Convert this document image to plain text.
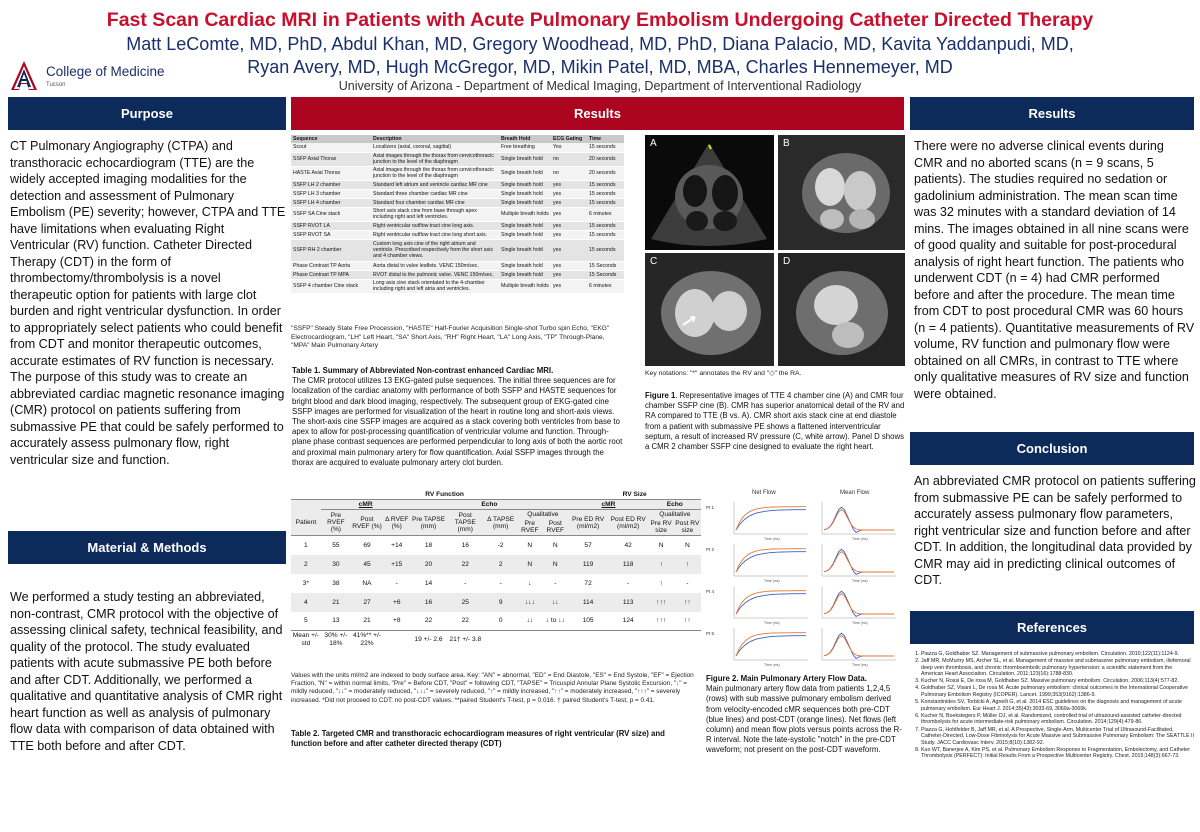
Fast Scan Cardiac MRI in Patients with Acute Pulmonary Embolism Undergoing Catheter Directed Therapy
Matt LeComte, MD, PhD, Abdul Khan, MD, Gregory Woodhead, MD, PhD, Diana Palacio, MD, Kavita Yaddanpudi, MD,
Ryan Avery, MD, Hugh McGregor, MD, Mikin Patel, MD, MBA, Charles Hennemeyer, MD
University of Arizona - Department of Medical Imaging, Department of Interventional Radiology
College of Medicine
Tucson
Purpose
CT Pulmonary Angiography (CTPA) and transthoracic echocardiogram (TTE) are the widely accepted imaging modalities for the detection and assessment of Pulmonary Embolism (PE) severity; however, CTPA and TTE have limitations when evaluating Right Ventricular (RV) function. Catheter Directed Therapy (CDT) in the form of thrombectomy/thrombolysis is a novel therapeutic option for patients with large clot burden and right ventricular dysfunction. In order to appropriately select patients who could benefit from CDT and monitor therapeutic outcomes, accurate estimates of RV function is necessary. The purpose of this study was to create an abbreviated cardiac magnetic resonance imaging (CMR) protocol on patients suffering from submassive PE that could be safely performed to accurately assess pulmonary flow, right ventricular size and function.
Material & Methods
We performed a study testing an abbreviated, non-contrast, CMR protocol with the objective of assessing clinical safety, technical feasibility, and quality of the protocol. The study evaluated patients with acute submassive PE both before and after CDT. Additionally, we performed a qualitative and quantitative analysis of CMR right heart function as well as analysis of pulmonary flow data with comparison of data obtained with TTE both before and after CDT.
Results
Sequence	Description	Breath Hold	ECG Gating	Time
Scout	Localizers (axial, coronal, sagittal)	Free breathing	Yes	15 seconds
SSFP Axial Thorax	Axial images through the thorax from cervicothoracic junction to the level of the diaphragm	Single breath hold	no	20 seconds
HASTE Axial Thorax	Axial images through the thorax from cervicothoracic junction to the level of the diaphragm	Single breath hold	no	20 seconds
SSFP LH 2 chamber	Standard left atrium and ventricle cardiac MR cine	Single breath hold	yes	15 seconds
SSFP LH 3 chamber	Standard three chamber cardiac MR cine	Single breath hold	yes	15 seconds
SSFP LH 4 chamber	Standard four chamber cardiac MR cine	Single breath hold	yes	15 seconds
SSFP SA Cine stack	Short axis stack cine from base through apex including right and left ventricles.	Multiple breath holds	yes	6 minutes
SSFP RVOT LA	Right ventricular outflow tract cine long axis.	Single breath hold	yes	15 seconds
SSFP RVOT SA	Right ventricular outflow tract cine long short axis.	Single breath hold	yes	15 seconds
SSFP RH 2 chamber	Custom long axis cine of the right atrium and ventricle. Prescribed respectively from the short axis and 4 chamber views.	Single breath hold	yes	15 seconds
Phase Contrast TP Aorta	Aorta distal to valve leaflets. VENC 150m/sec.	Single breath hold	yes	15 Seconds
Phase Contrast TP MPA	RVOT distal to the pulmonic valve. VENC 150m/sec.	Single breath hold	yes	15 Seconds
SSFP 4 chamber Cine stack	Long axis cine stack orientated to the 4-chamber including right and left atria and ventricles.	Multiple breath holds	yes	6 minutes
"SSFP" Steady State Free Procession, "HASTE" Half-Fourier Acquisition Single-shot Turbo spin Echo, "EKG" Electrocardiogram, "LH" Left Heart, "SA" Short Axis, "RH" Right Heart, "LA" Long Axis, "TP" Through-Plane, "MPA" Main Pulmonary Artery
Table 1. Summary of Abbreviated Non-contrast enhanced Cardiac MRI.
The CMR protocol utilizes 13 EKG-gated pulse sequences. The initial three sequences are for localization of the cardiac anatomy with performance of both SSFP and HASTE sequences for bright blood and dark blood imaging, respectively. The subsequent group of EKG-gated cine SSFP images are performed for visualization of the heart in routine long and short-axis views. The short-axis cine SSFP images are acquired as a stack covering both ventricles from base to apex to allow for post-processing quantification of ventricular volume and function. Through-plane phase contrast sequences are performed perpendicular to long axis of both the aortic root and proximal main pulmonary artery for flow quantification. Axial SSFP images through the thorax are acquired to evaluate pulmonary artery clot burden.
A	B
C	D
Key notations: "*" annotates the RV and "◇" the RA.
Figure 1. Representative images of TTE 4 chamber cine (A) and CMR four chamber SSFP cine (B). CMR has superior anatomical detail of the RV and RA compared to TTE (B vs. A). CMR short axis stack cine at end diastole from a patient with submassive PE shows a flattened interventricular septum, a result of increased RV pressure (C, white arrow). Panel D shows a CMR 2 chamber SSFP cine designed to evaluate the right heart.
	RV Function								RV Size			
	cMR			Echo					cMR		Echo	
Patient	Pre RVEF (%)	Post RVEF (%)	Δ RVEF (%)	Pre TAPSE (mm)	Post TAPSE (mm)	Δ TAPSE (mm)	Qualitative		Pre ED RV (ml/m2)	Post ED RV (ml/m2)	Qualitative	
							Pre RVEF	Post RVEF			Pre RV size	Post RV size
1	55	69	+14	18	16	-2	N	N	57	42	N	N
2	30	45	+15	20	22	2	N	N	119	118	↑	↑
3*	38	NA	-	14	-	-	↓	-	72	-	↑	-
4	21	27	+6	16	25	9	↓↓↓	↓↓	114	113	↑↑↑	↑↑
5	13	21	+8	22	22	0	↓↓	↓ to ↓↓	105	124	↑↑↑	↑↑
Mean +/- std	30% +/- 18%	41%** +/- 22%		19 +/- 2.6	21† +/- 3.8							
Values with the units ml/m2 are indexed to body surface area. Key: "AN" = abnormal, "ED" = End Diastole, "ES" = End Systole, "EF" = Ejection Fraction, "N" = within normal limits, "Pre" = Before CDT, "Post" = following CDT, "TAPSE" = Tricuspid Annular Plane Systolic Excursion, "↓" = mildly reduced, "↓↓" = moderately reduced, "↓↓↓" = severely reduced, "↑" = mildly increased, "↑↑" = moderately increased, "↑↑↑" = severely increased. *Did not proceed to CDT: no post-CDT values. **paired Student's T-test, p = 0.016. † paired Student's T-test, p = 0.41.
Table 2. Targeted CMR and transthoracic echocardiogram measures of right ventricular (RV size) and function before and after catheter directed therapy (CDT)
Net Flow	Mean Flow
Pt 1
Time (ms)	Time (ms)
Pt 2
Time (ms)	Time (ms)
Pt 4
Time (ms)	Time (ms)
Pt 5
Time (ms)	Time (ms)
Figure 2. Main Pulmonary Artery Flow Data.
Main pulmonary artery flow data from patients 1,2,4,5 (rows) with sub massive pulmonary embolism derived from velocity-encoded cMR sequences both pre-CDT (blue lines) and post-CDT (orange lines). Net flows (left column) and mean flow plots versus points across the R-R interval. Note the late-systolic "notch" in the pre-CDT waveform; not present on the post-CDT waveform.
Results
There were no adverse clinical events during CMR and no aborted scans (n = 9 scans, 5 patients). The studies required no sedation or gadolinium administration. The mean scan time was 32 minutes with a standard deviation of 14 mins. The images obtained in all nine scans were of good quality and suitable for post-procedural analysis of right heart function. The patients who underwent CDT (n = 4) had CMR performed before and after the procedure. The mean time from CDT to post procedural CMR was 60 hours (n = 4 patients). Quantitative measurements of RV volume, RV function and pulmonary flow were obtained on all CMRs, in contrast to TTE where only qualitative measures of RV size and function were obtained.
Conclusion
An abbreviated CMR protocol on patients suffering from submassive PE can be safely performed to accurately assess pulmonary flow parameters, right ventricular size and function before and after CDT. In addition, the longitudinal data provided by CMR may aid in predicting clinical outcomes of CDT.
References
1. Piazza G, Goldhaber SZ. Management of submassive pulmonary embolism. Circulation. 2010;122(11):1124-9.
2. Jaff MR, McMurtry MS, Archer SL, et al. Management of massive and submassive pulmonary embolism, iliofemoral deep vein thrombosis, and chronic thromboembolic pulmonary hypertension: a scientific statement from the American Heart Association. Circulation. 2011;123(16):1788-830.
3. Kucher N, Rossi E, De rosa M, Goldhaber SZ. Massive pulmonary embolism. Circulation. 2006;113(4):577-82.
4. Goldhaber SZ, Visani L, De rosa M. Acute pulmonary embolism: clinical outcomes in the International Cooperative Pulmonary Embolism Registry (ICOPER). Lancet. 1999;353(9162):1386-9.
5. Konstantinides SV, Torbicki A, Agnelli G, et al. 2014 ESC guidelines on the diagnosis and management of acute pulmonary embolism. Eur Heart J. 2014;35(43):3033-69, 3069a-3069k.
6. Kucher N, Boekstegers P, Müller OJ, et al. Randomized, controlled trial of ultrasound-assisted catheter-directed thrombolysis for acute intermediate-risk pulmonary embolism. Circulation. 2014;129(4):479-86.
7. Piazza G, Hohlfelder B, Jaff MR, et al. A Prospective, Single-Arm, Multicenter Trial of Ultrasound-Facilitated, Catheter-Directed, Low-Dose Fibrinolysis for Acute Massive and Submassive Pulmonary Embolism: The SEATTLE II Study. JACC Cardiovasc Interv. 2015;8(10):1382-92.
8. Kuo WT, Banerjee A, Kim PS, et al. Pulmonary Embolism Response to Fragmentation, Embolectomy, and Catheter Thrombolysis (PERFECT): Initial Results From a Prospective Multicenter Registry. Chest. 2015;148(3):667-73.
